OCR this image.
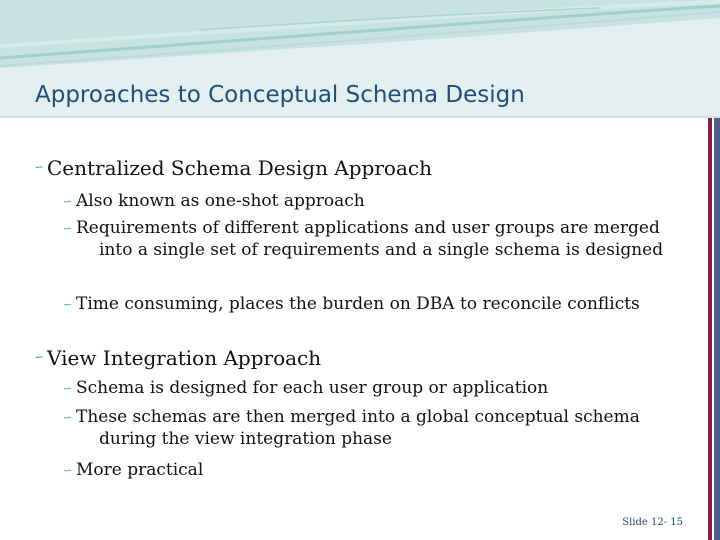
Approaches to Conceptual Schema Design
∽ Centralized Schema Design Approach
∽ Also known as one-shot approach
∽ Requirements of different applications and user groups are merged into a single set of requirements and a single schema is designed
∽ Time consuming, places the burden on DBA to reconcile conflicts
∽ View Integration Approach
∽ Schema is designed for each user group or application
∽ These schemas are then merged into a global conceptual schema during the view integration phase
∽ More practical
Slide 12- 15
